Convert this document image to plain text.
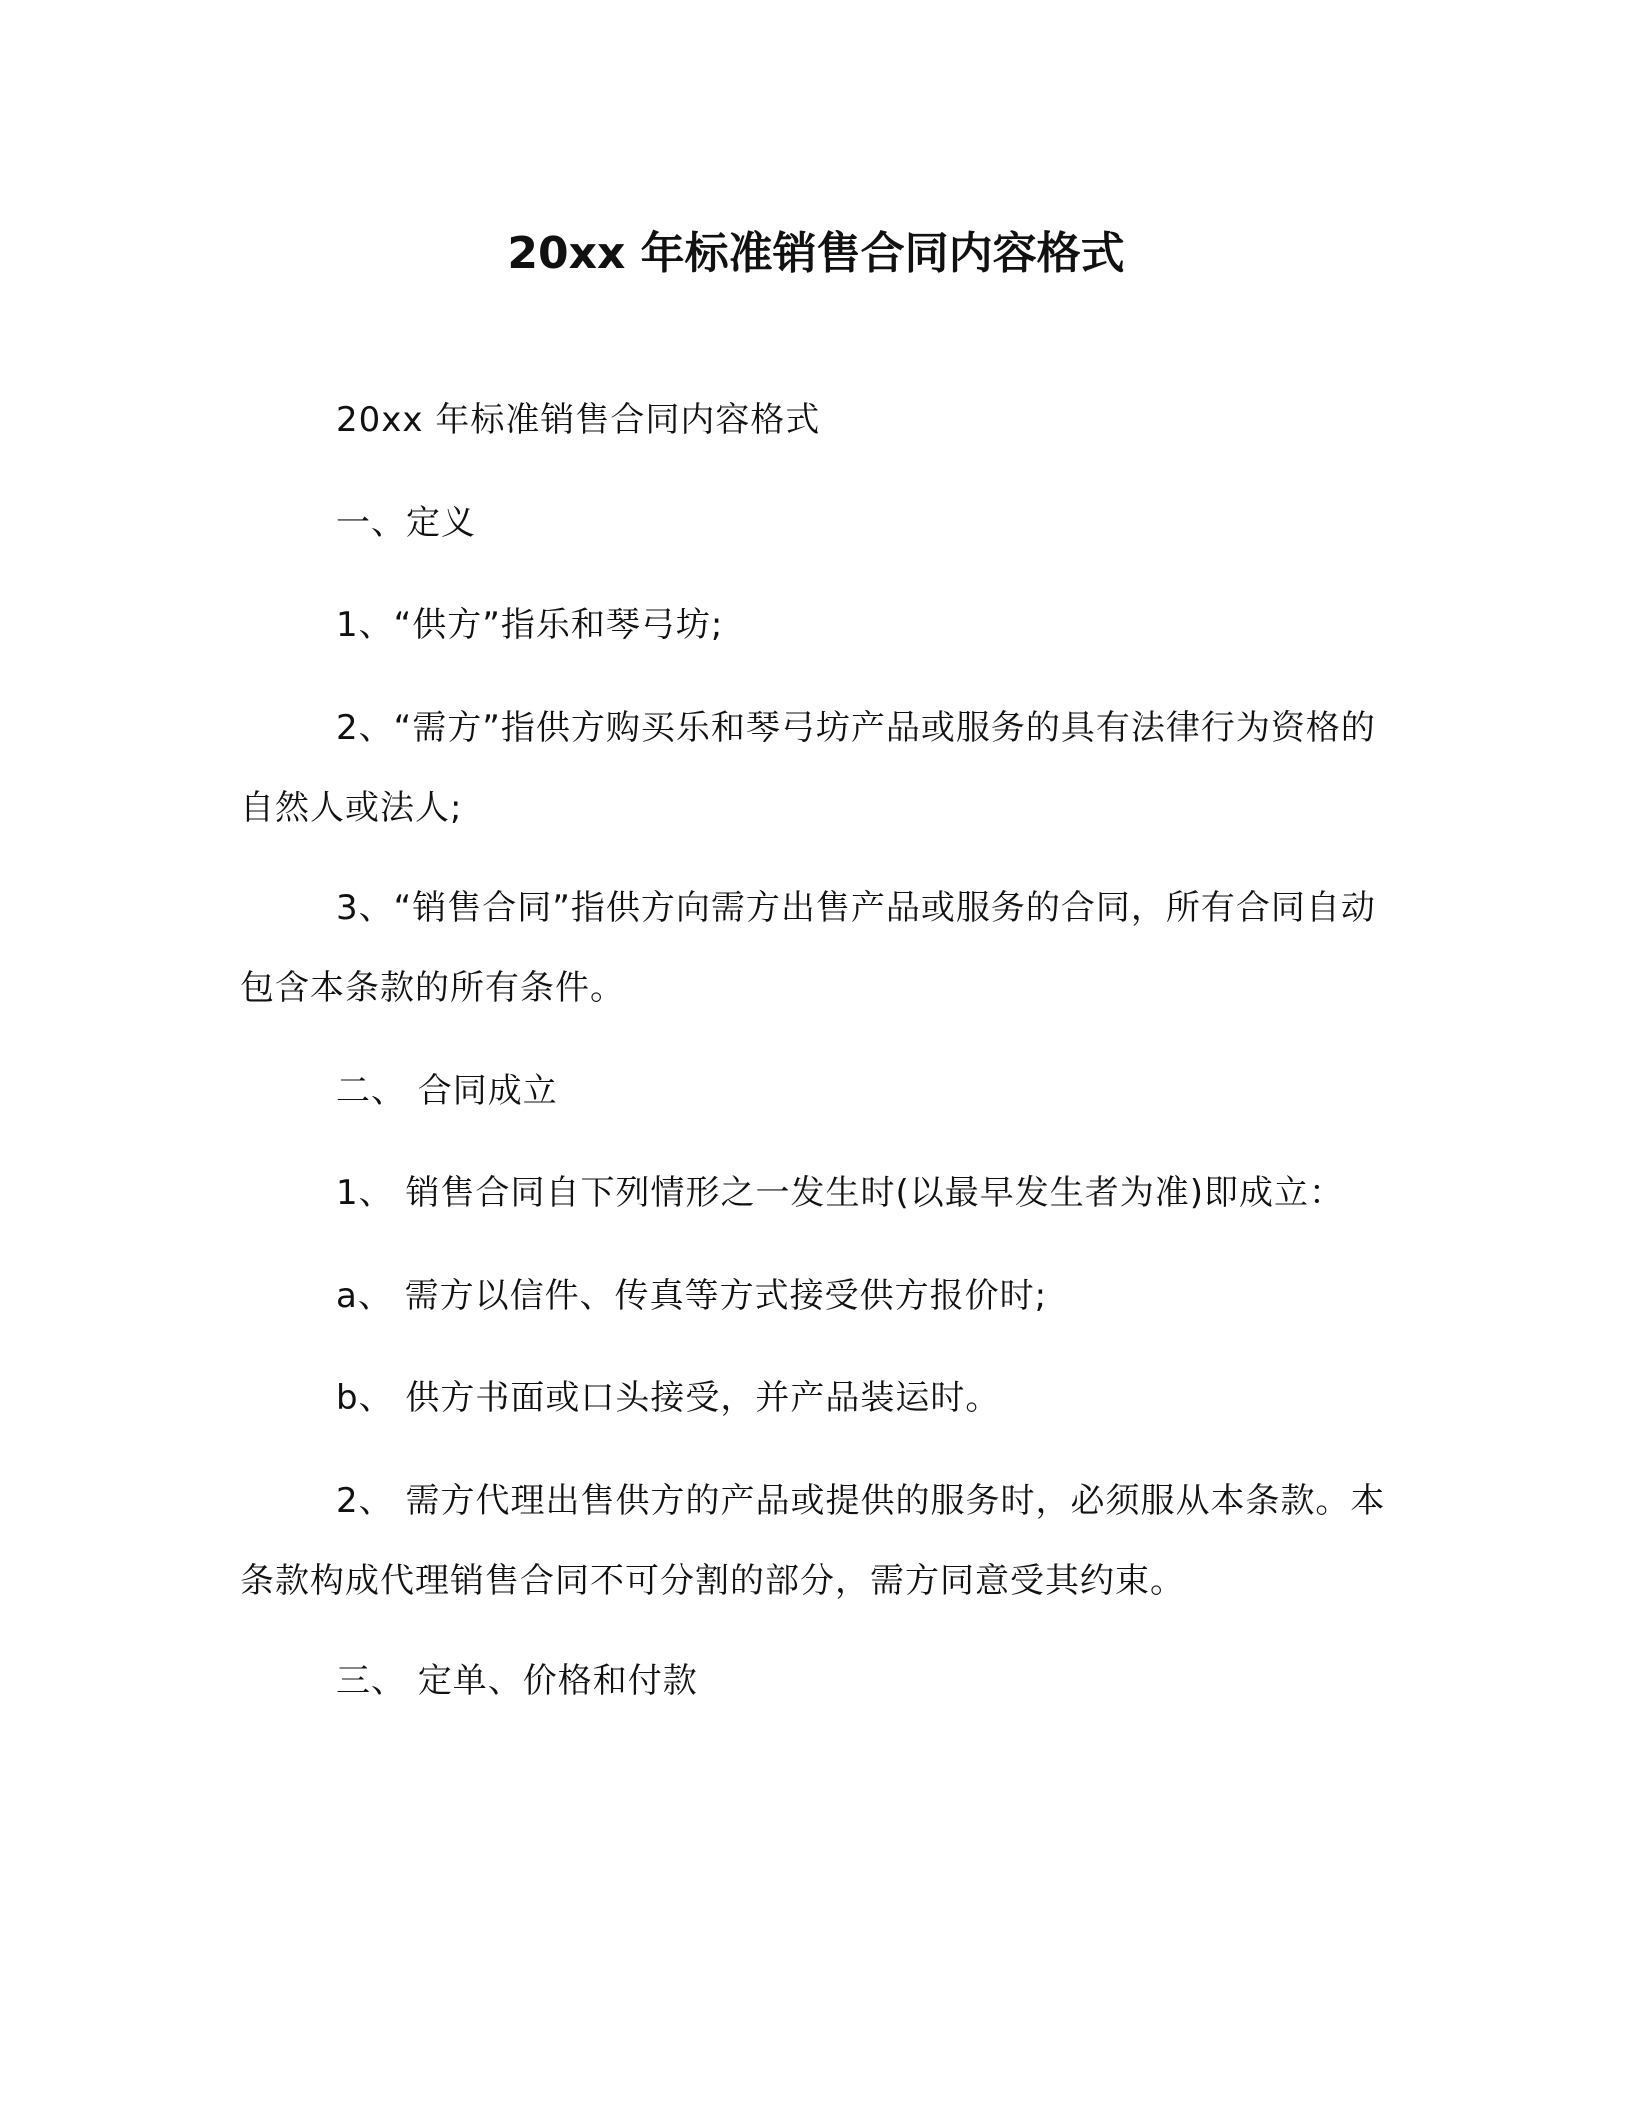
20xx 年标准销售合同内容格式

20xx 年标准销售合同内容格式

一、定义

1、“供方”指乐和琴弓坊;

2、“需方”指供方购买乐和琴弓坊产品或服务的具有法律行为资格的自然人或法人;

3、“销售合同”指供方向需方出售产品或服务的合同，所有合同自动包含本条款的所有条件。

二、 合同成立

1、 销售合同自下列情形之一发生时(以最早发生者为准)即成立：

a、 需方以信件、传真等方式接受供方报价时;

b、 供方书面或口头接受，并产品装运时。

2、 需方代理出售供方的产品或提供的服务时，必须服从本条款。本条款构成代理销售合同不可分割的部分，需方同意受其约束。

三、 定单、价格和付款
